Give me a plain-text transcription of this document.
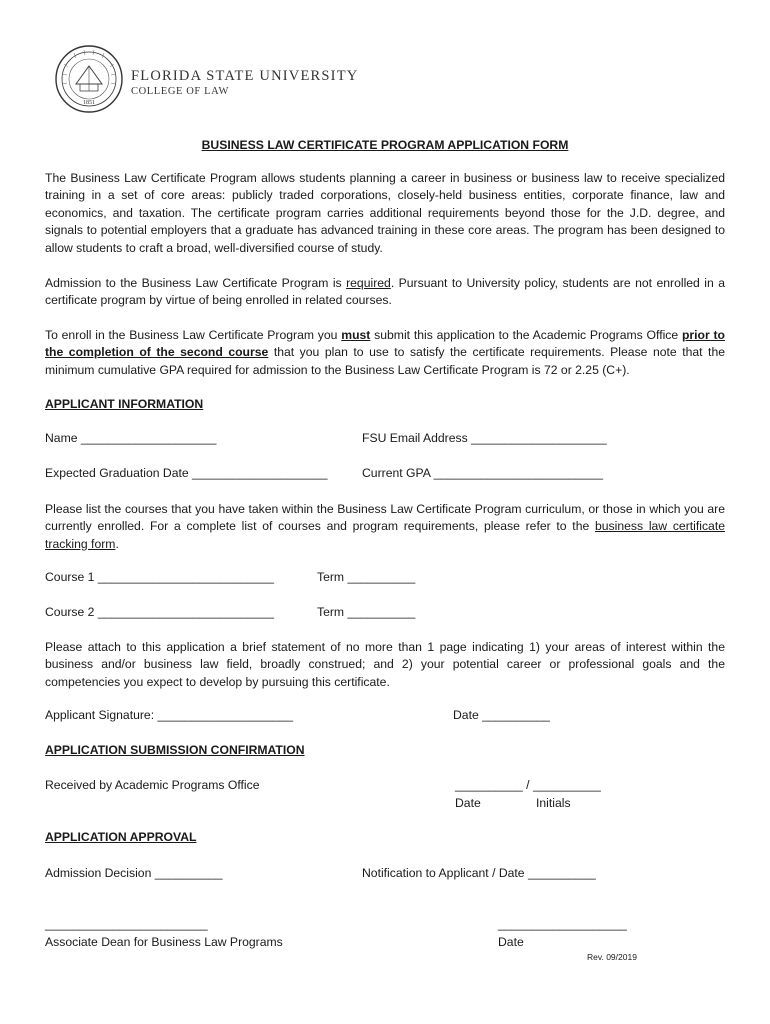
1851
FLORIDA STATE UNIVERSITY
COLLEGE OF LAW
BUSINESS LAW CERTIFICATE PROGRAM APPLICATION FORM
The Business Law Certificate Program allows students planning a career in business or business law to receive specialized training in a set of core areas: publicly traded corporations, closely-held business entities, corporate finance, law and economics, and taxation. The certificate program carries additional requirements beyond those for the J.D. degree, and signals to potential employers that a graduate has advanced training in these core areas. The program has been designed to allow students to craft a broad, well-diversified course of study.
Admission to the Business Law Certificate Program is required. Pursuant to University policy, students are not enrolled in a certificate program by virtue of being enrolled in related courses.
To enroll in the Business Law Certificate Program you must submit this application to the Academic Programs Office prior to the completion of the second course that you plan to use to satisfy the certificate requirements. Please note that the minimum cumulative GPA required for admission to the Business Law Certificate Program is 72 or 2.25 (C+).
APPLICANT INFORMATION
Name ____________________	FSU Email Address ____________________
Expected Graduation Date ____________________	Current GPA _________________________
Please list the courses that you have taken within the Business Law Certificate Program curriculum, or those in which you are currently enrolled. For a complete list of courses and program requirements, please refer to the business law certificate tracking form.
Course 1 __________________________	Term __________
Course 2 __________________________	Term __________
Please attach to this application a brief statement of no more than 1 page indicating 1) your areas of interest within the business and/or business law field, broadly construed; and 2) your potential career or professional goals and the competencies you expect to develop by pursuing this certificate.
Applicant Signature: ____________________	Date __________
APPLICATION SUBMISSION CONFIRMATION
Received by Academic Programs Office	__________ / __________
Date	Initials
APPLICATION APPROVAL
Admission Decision __________	Notification to Applicant / Date __________
________________________
Associate Dean for Business Law Programs
___________________
Date
Rev. 09/2019
